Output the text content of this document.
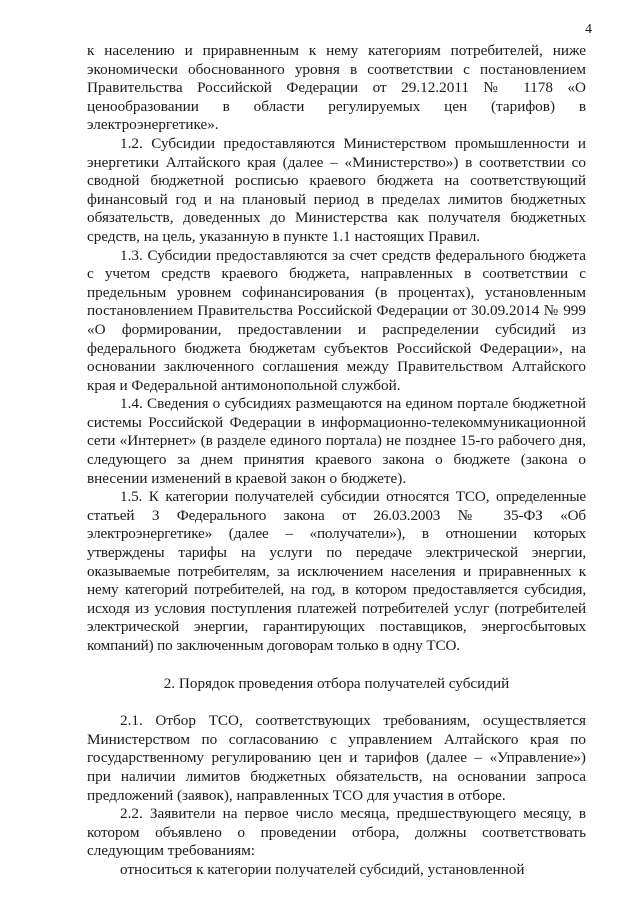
4

к населению и приравненным к нему категориям потребителей, ниже экономически обоснованного уровня в соответствии с постановлением Правительства Российской Федерации от 29.12.2011 № 1178 «О ценообразовании в области регулируемых цен (тарифов) в электроэнергетике».

1.2. Субсидии предоставляются Министерством промышленности и энергетики Алтайского края (далее – «Министерство») в соответствии со сводной бюджетной росписью краевого бюджета на соответствующий финансовый год и на плановый период в пределах лимитов бюджетных обязательств, доведенных до Министерства как получателя бюджетных средств, на цель, указанную в пункте 1.1 настоящих Правил.

1.3. Субсидии предоставляются за счет средств федерального бюджета с учетом средств краевого бюджета, направленных в соответствии с предельным уровнем софинансирования (в процентах), установленным постановлением Правительства Российской Федерации от 30.09.2014 № 999 «О формировании, предоставлении и распределении субсидий из федерального бюджета бюджетам субъектов Российской Федерации», на основании заключенного соглашения между Правительством Алтайского края и Федеральной антимонопольной службой.

1.4. Сведения о субсидиях размещаются на едином портале бюджетной системы Российской Федерации в информационно-телекоммуникационной сети «Интернет» (в разделе единого портала) не позднее 15-го рабочего дня, следующего за днем принятия краевого закона о бюджете (закона о внесении изменений в краевой закон о бюджете).

1.5. К категории получателей субсидии относятся ТСО, определенные статьей 3 Федерального закона от 26.03.2003 № 35-ФЗ «Об электроэнергетике» (далее – «получатели»), в отношении которых утверждены тарифы на услуги по передаче электрической энергии, оказываемые потребителям, за исключением населения и приравненных к нему категорий потребителей, на год, в котором предоставляется субсидия, исходя из условия поступления платежей потребителей услуг (потребителей электрической энергии, гарантирующих поставщиков, энергосбытовых компаний) по заключенным договорам только в одну ТСО.

2. Порядок проведения отбора получателей субсидий

2.1. Отбор ТСО, соответствующих требованиям, осуществляется Министерством по согласованию с управлением Алтайского края по государственному регулированию цен и тарифов (далее – «Управление») при наличии лимитов бюджетных обязательств, на основании запроса предложений (заявок), направленных ТСО для участия в отборе.

2.2. Заявители на первое число месяца, предшествующего месяцу, в котором объявлено о проведении отбора, должны соответствовать следующим требованиям:

относиться к категории получателей субсидий, установленной
